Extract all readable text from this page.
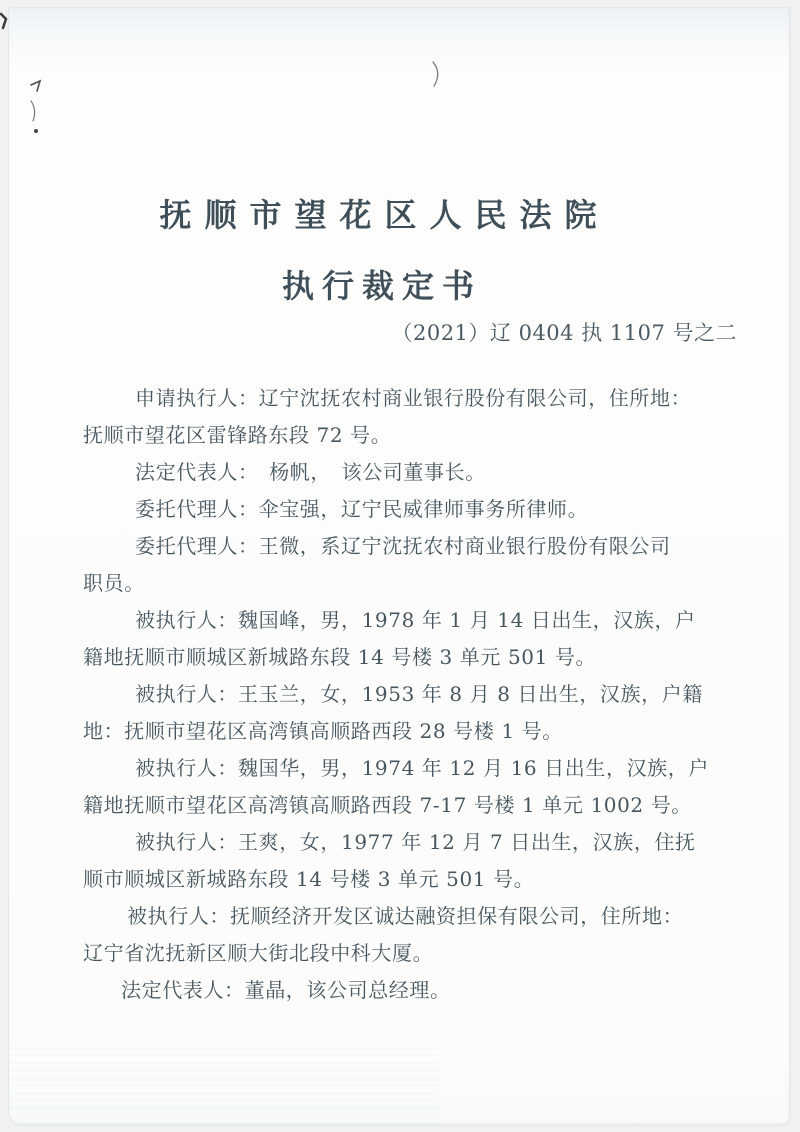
抚顺市望花区人民法院
执行裁定书
（2021）辽 0404 执 1107 号之二
申请执行人：辽宁沈抚农村商业银行股份有限公司，住所地：
抚顺市望花区雷锋路东段 72 号。
法定代表人：　杨帆，　该公司董事长。
委托代理人：伞宝强，辽宁民威律师事务所律师。
委托代理人：王微，系辽宁沈抚农村商业银行股份有限公司
职员。
被执行人：魏国峰，男，1978 年 1 月 14 日出生，汉族，户
籍地抚顺市顺城区新城路东段 14 号楼 3 单元 501 号。
被执行人：王玉兰，女，1953 年 8 月 8 日出生，汉族，户籍
地：抚顺市望花区高湾镇高顺路西段 28 号楼 1 号。
被执行人：魏国华，男，1974 年 12 月 16 日出生，汉族，户
籍地抚顺市望花区高湾镇高顺路西段 7-17 号楼 1 单元 1002 号。
被执行人：王爽，女，1977 年 12 月 7 日出生，汉族，住抚
顺市顺城区新城路东段 14 号楼 3 单元 501 号。
被执行人：抚顺经济开发区诚达融资担保有限公司，住所地：
辽宁省沈抚新区顺大街北段中科大厦。
法定代表人：董晶，该公司总经理。
